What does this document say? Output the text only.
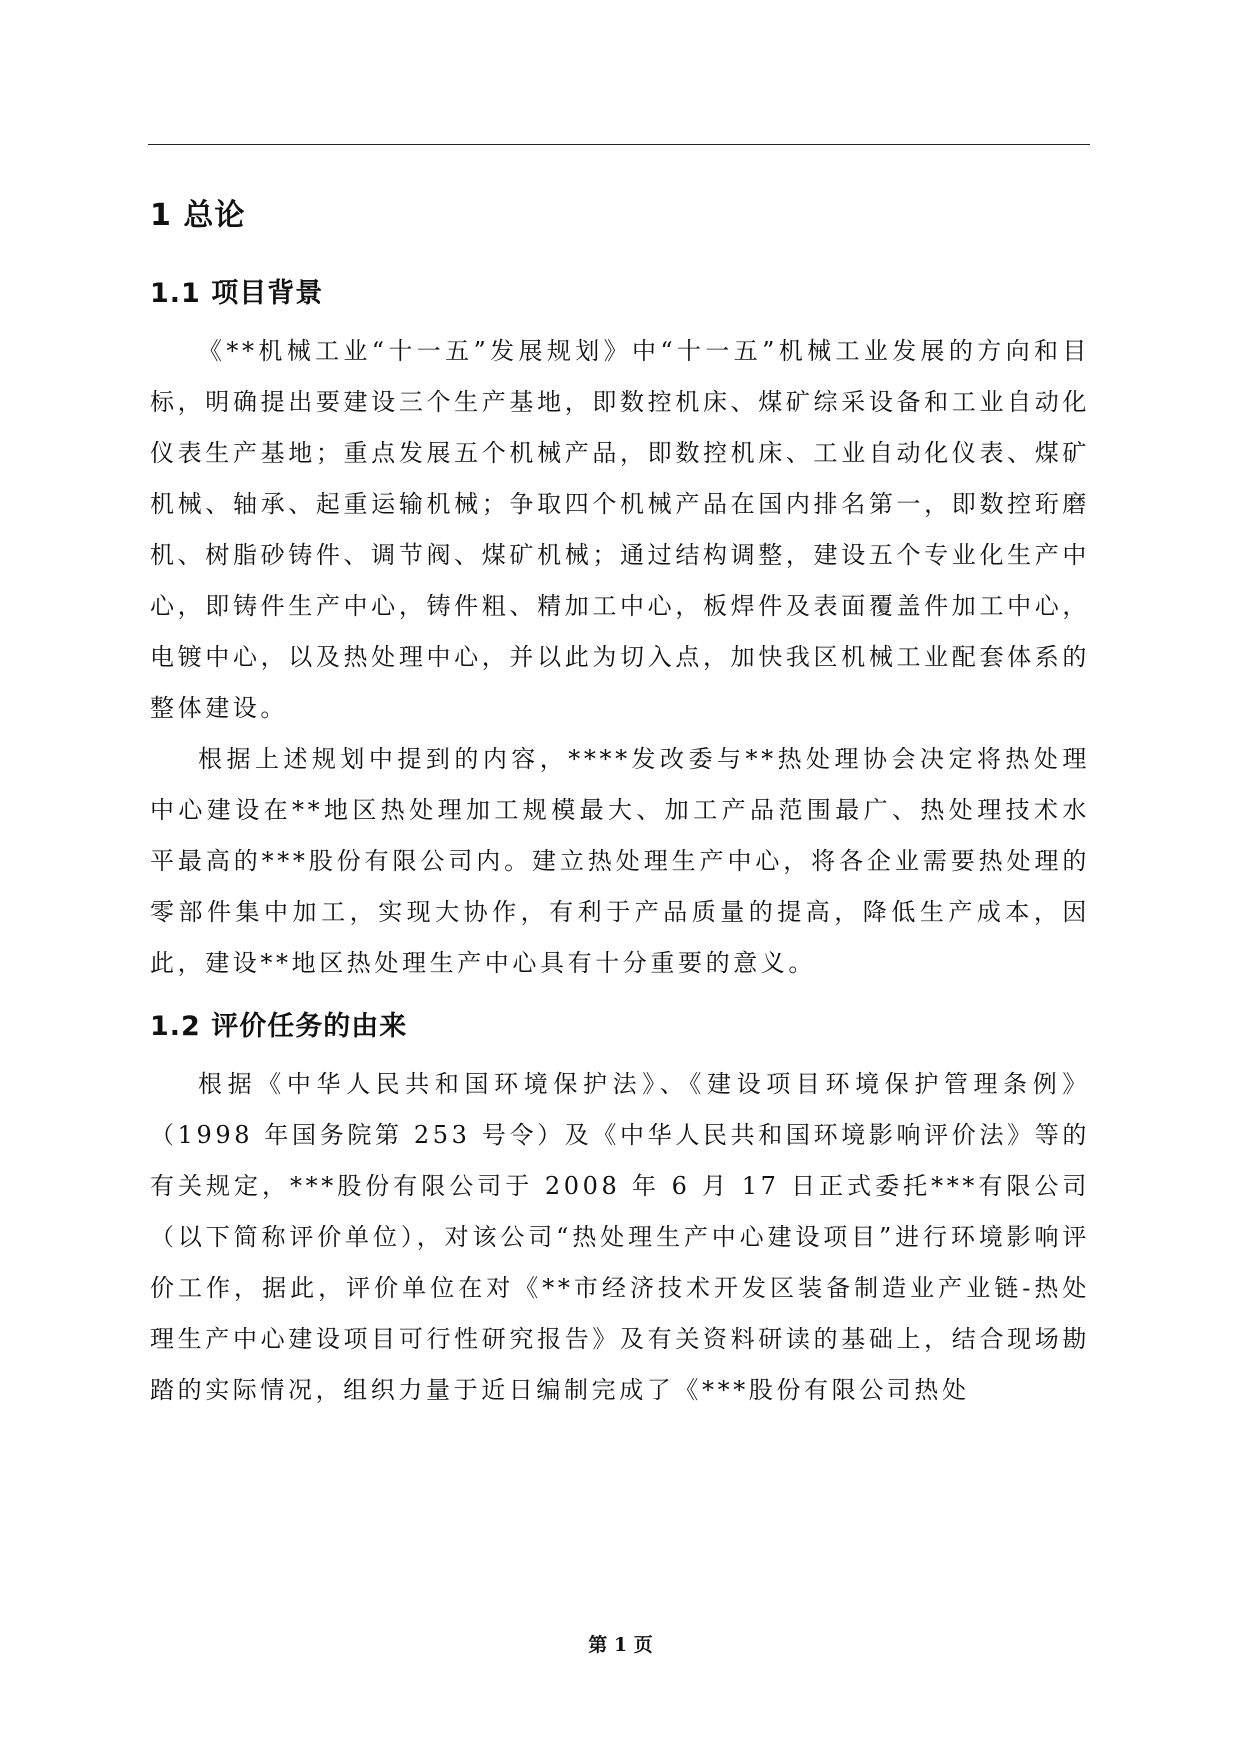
1 总论
1.1 项目背景

《**机械工业“十一五”发展规划》中“十一五”机械工业发展的方向和目标，明确提出要建设三个生产基地，即数控机床、煤矿综采设备和工业自动化仪表生产基地；重点发展五个机械产品，即数控机床、工业自动化仪表、煤矿机械、轴承、起重运输机械；争取四个机械产品在国内排名第一，即数控珩磨机、树脂砂铸件、调节阀、煤矿机械；通过结构调整，建设五个专业化生产中心，即铸件生产中心，铸件粗、精加工中心，板焊件及表面覆盖件加工中心，电镀中心，以及热处理中心，并以此为切入点，加快我区机械工业配套体系的整体建设。

根据上述规划中提到的内容，****发改委与**热处理协会决定将热处理中心建设在**地区热处理加工规模最大、加工产品范围最广、热处理技术水平最高的***股份有限公司内。建立热处理生产中心，将各企业需要热处理的零部件集中加工，实现大协作，有利于产品质量的提高，降低生产成本，因此，建设**地区热处理生产中心具有十分重要的意义。

1.2 评价任务的由来

根据《中华人民共和国环境保护法》、《建设项目环境保护管理条例》（1998 年国务院第 253 号令）及《中华人民共和国环境影响评价法》等的有关规定，***股份有限公司于 2008 年 6 月 17 日正式委托***有限公司（以下简称评价单位），对该公司“热处理生产中心建设项目”进行环境影响评价工作，据此，评价单位在对《**市经济技术开发区装备制造业产业链-热处理生产中心建设项目可行性研究报告》及有关资料研读的基础上，结合现场勘踏的实际情况，组织力量于近日编制完成了《***股份有限公司热处

第 1 页
